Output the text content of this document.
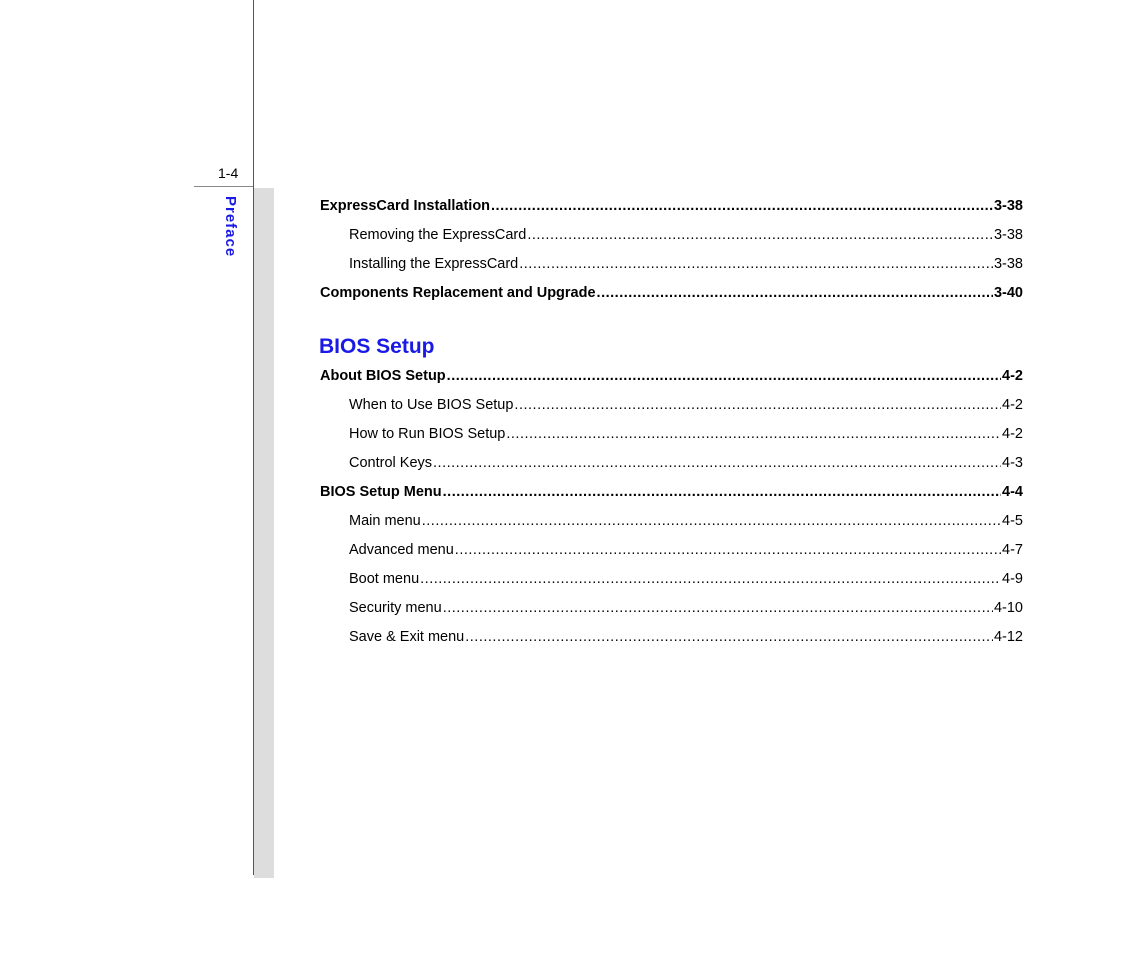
1-4
Preface	ExpressCard Installation .....	3-38
Removing the ExpressCard .....	3-38
Installing the ExpressCard .....	3-38
Components Replacement and Upgrade .....	3-40
BIOS Setup
About BIOS Setup .....	4-2
When to Use BIOS Setup .....	4-2
How to Run BIOS Setup .....	4-2
Control Keys .....	4-3
BIOS Setup Menu .....	4-4
Main menu .....	4-5
Advanced menu .....	4-7
Boot menu .....	4-9
Security menu .....	4-10
Save & Exit menu .....	4-12
